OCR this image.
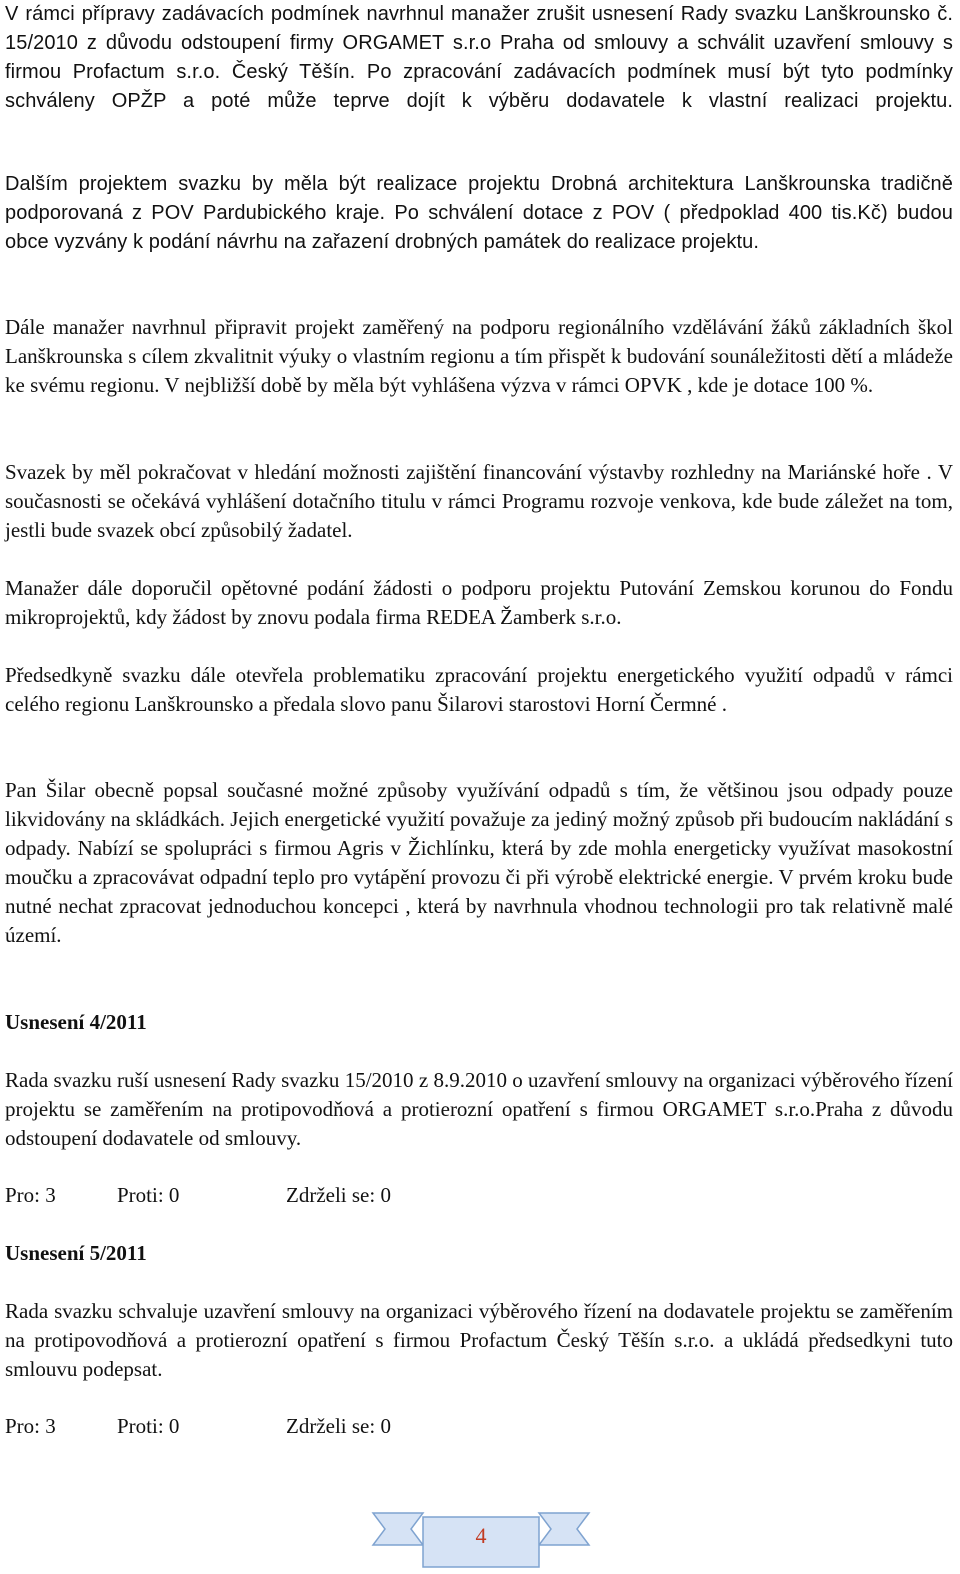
V rámci přípravy zadávacích podmínek navrhnul manažer zrušit usnesení Rady svazku Lanškrounsko č. 15/2010 z důvodu odstoupení firmy ORGAMET s.r.o Praha od smlouvy a schválit uzavření smlouvy s firmou Profactum s.r.o. Český Těšín. Po zpracování zadávacích podmínek musí být tyto podmínky schváleny OPŽP a poté může teprve dojít k výběru dodavatele k vlastní realizaci projektu.

Dalším projektem svazku by měla být realizace projektu Drobná architektura Lanškrounska tradičně podporovaná z POV Pardubického kraje. Po schválení dotace z POV ( předpoklad 400 tis.Kč) budou obce vyzvány k podání návrhu na zařazení drobných památek do realizace projektu.

Dále manažer navrhnul připravit projekt zaměřený na podporu regionálního vzdělávání žáků základních škol Lanškrounska s cílem zkvalitnit výuky o vlastním regionu a tím přispět k budování sounáležitosti dětí a mládeže ke svému regionu. V nejbližší době by měla být vyhlášena výzva v rámci OPVK , kde je dotace 100 %.

Svazek by měl pokračovat v hledání možnosti zajištění financování výstavby rozhledny na Mariánské hoře . V současnosti se očekává vyhlášení dotačního titulu v rámci Programu rozvoje venkova, kde bude záležet na tom, jestli bude svazek obcí způsobilý žadatel.

Manažer dále doporučil opětovné podání žádosti o podporu projektu Putování Zemskou korunou do Fondu mikroprojektů, kdy žádost by znovu podala firma REDEA Žamberk s.r.o.

Předsedkyně svazku dále otevřela problematiku zpracování projektu energetického využití odpadů v rámci celého regionu Lanškrounsko a předala slovo panu Šilarovi starostovi Horní Čermné .

Pan Šilar obecně popsal současné možné způsoby využívání odpadů s tím, že většinou jsou odpady pouze likvidovány na skládkách. Jejich energetické využití považuje za jediný možný způsob při budoucím nakládání s odpady. Nabízí se spolupráci s firmou Agris v Žichlínku, která by zde mohla energeticky využívat masokostní moučku a zpracovávat odpadní teplo pro vytápění provozu či při výrobě elektrické energie. V prvém kroku bude nutné nechat zpracovat jednoduchou koncepci , která by navrhnula vhodnou technologii pro tak relativně malé území.

Usnesení 4/2011

Rada svazku ruší usnesení Rady svazku 15/2010 z 8.9.2010 o uzavření smlouvy na organizaci výběrového řízení projektu se zaměřením na protipovodňová a protierozní opatření s firmou ORGAMET s.r.o.Praha z důvodu odstoupení dodavatele od smlouvy.

Pro: 3	Proti: 0	Zdrželi se: 0

Usnesení 5/2011

Rada svazku schvaluje uzavření smlouvy na organizaci výběrového řízení na dodavatele projektu se zaměřením na protipovodňová a protierozní opatření s firmou Profactum Český Těšín s.r.o. a ukládá předsedkyni tuto smlouvu podepsat.

Pro: 3	Proti: 0	Zdrželi se: 0
4
